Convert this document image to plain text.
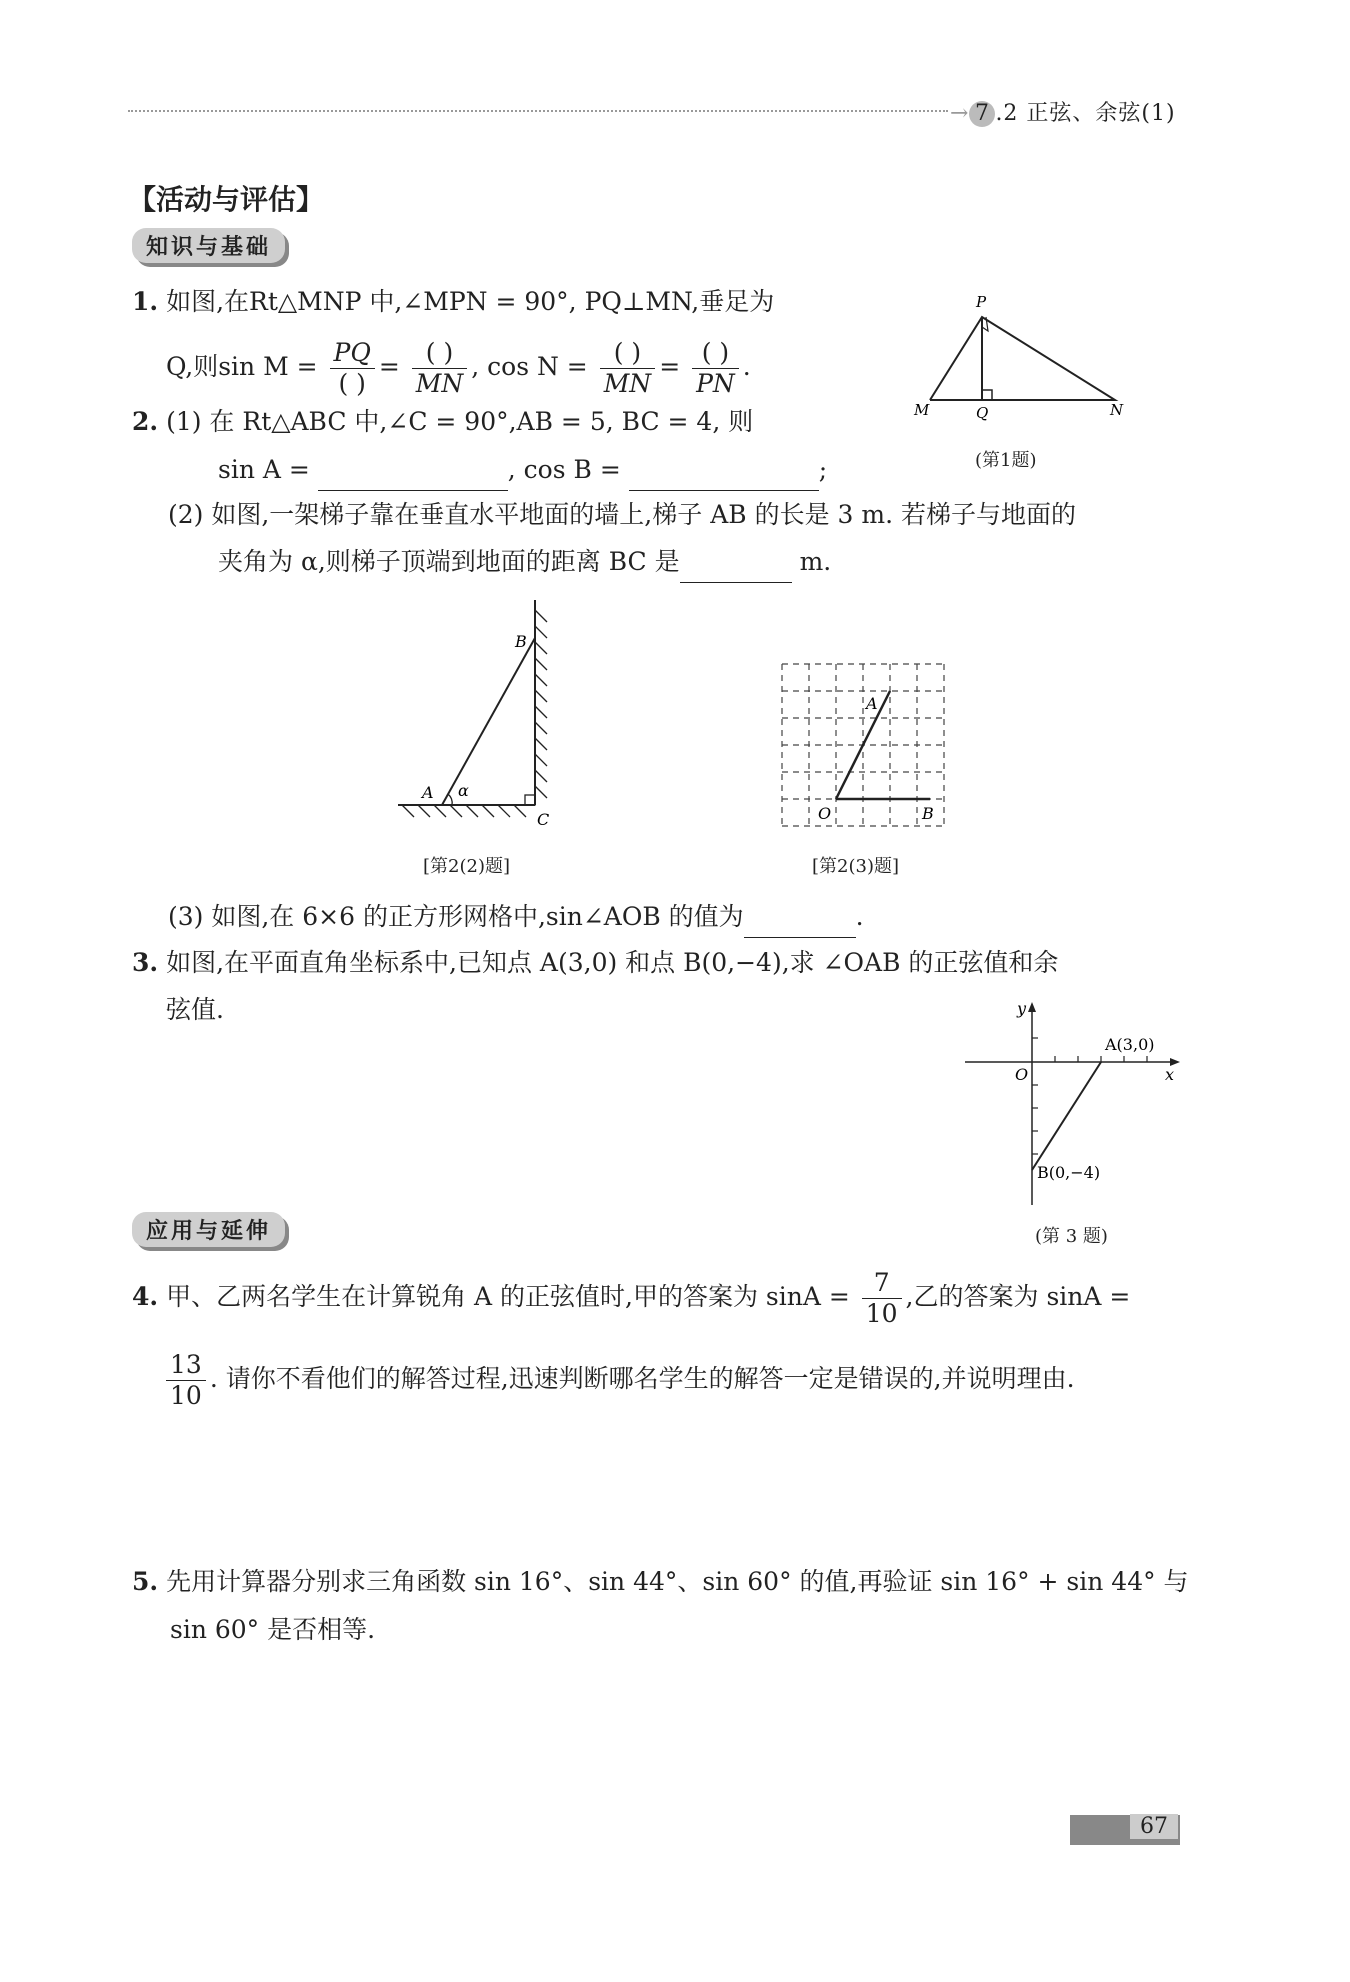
→ 7 .2 正弦、余弦(1)
【活动与评估】
知识与基础
1. 如图,在Rt△MNP 中,∠MPN = 90°, PQ⊥MN,垂足为
Q,则$\sin M = \frac{PQ}{( )} = \frac{( )}{MN}$ , $\cos N = \frac{( )}{MN} = \frac{( )}{PN}$ .
P
M	Q	N
(第1题)
2. (1) 在 Rt△ABC 中,∠C = 90°,AB = 5, BC = 4, 则
sin A =	, cos B =	;
(2) 如图,一架梯子靠在垂直水平地面的墙上,梯子 AB 的长是 3 m. 若梯子与地面的
夹角为 α,则梯子顶端到地面的距离 BC 是	m.
B
A α
C
[第2(2)题]
A
O	B
[第2(3)题]
(3) 如图,在 6×6 的正方形网格中,sin∠AOB 的值为	.
3. 如图,在平面直角坐标系中,已知点 A(3,0) 和点 B(0,−4),求 ∠OAB 的正弦值和余
弦值.	y
x
O
A(3,0)
B(0,−4)
(第 3 题)
应用与延伸
4. 甲、乙两名学生在计算锐角 A 的正弦值时,甲的答案为 $\sin A = \frac{7}{10}$ ,乙的答案为 sinA =
$\frac{13}{10}$ . 请你不看他们的解答过程,迅速判断哪名学生的解答一定是错误的,并说明理由.
5. 先用计算器分别求三角函数 sin 16°、sin 44°、sin 60° 的值,再验证 sin 16° + sin 44° 与
sin 60° 是否相等.
67
